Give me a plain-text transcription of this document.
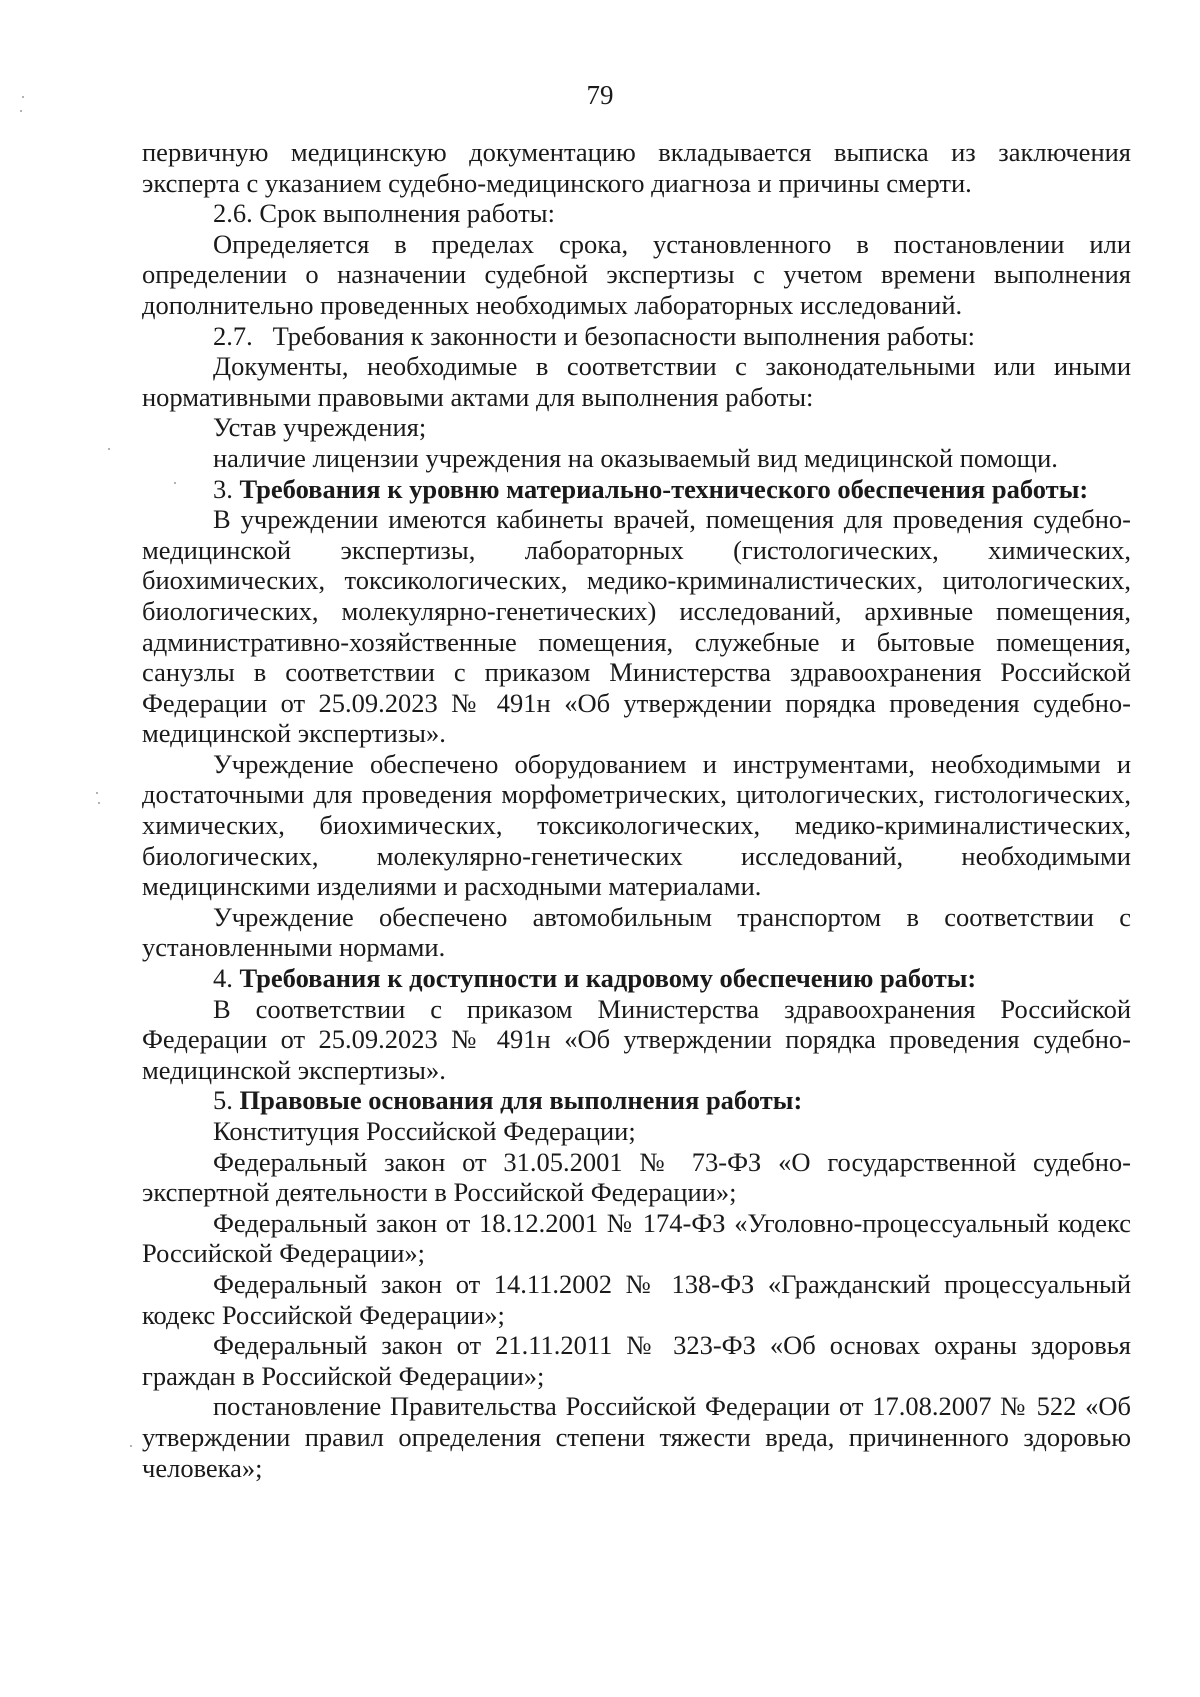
79

первичную медицинскую документацию вкладывается выписка из заключения эксперта с указанием судебно-медицинского диагноза и причины смерти.

2.6. Срок выполнения работы:

Определяется в пределах срока, установленного в постановлении или определении о назначении судебной экспертизы с учетом времени выполнения дополнительно проведенных необходимых лабораторных исследований.

2.7.   Требования к законности и безопасности выполнения работы:

Документы, необходимые в соответствии с законодательными или иными нормативными правовыми актами для выполнения работы:

Устав учреждения;

наличие лицензии учреждения на оказываемый вид медицинской помощи.

3. Требования к уровню материально-технического обеспечения работы:

В учреждении имеются кабинеты врачей, помещения для проведения судебно-медицинской экспертизы, лабораторных (гистологических, химических, биохимических, токсикологических, медико-криминалистических, цитологических, биологических, молекулярно-генетических) исследований, архивные помещения, административно-хозяйственные помещения, служебные и бытовые помещения, санузлы в соответствии с приказом Министерства здравоохранения Российской Федерации от 25.09.2023 № 491н «Об утверждении порядка проведения судебно-медицинской экспертизы».

Учреждение обеспечено оборудованием и инструментами, необходимыми и достаточными для проведения морфометрических, цитологических, гистологических, химических, биохимических, токсикологических, медико-криминалистических, биологических, молекулярно-генетических исследований, необходимыми медицинскими изделиями и расходными материалами.

Учреждение обеспечено автомобильным транспортом в соответствии с установленными нормами.

4. Требования к доступности и кадровому обеспечению работы:

В соответствии с приказом Министерства здравоохранения Российской Федерации от 25.09.2023 № 491н «Об утверждении порядка проведения судебно-медицинской экспертизы».

5. Правовые основания для выполнения работы:

Конституция Российской Федерации;

Федеральный закон от 31.05.2001 № 73-ФЗ «О государственной судебно-экспертной деятельности в Российской Федерации»;

Федеральный закон от 18.12.2001 № 174-ФЗ «Уголовно-процессуальный кодекс Российской Федерации»;

Федеральный закон от 14.11.2002 № 138-ФЗ «Гражданский процессуальный кодекс Российской Федерации»;

Федеральный закон от 21.11.2011 № 323-ФЗ «Об основах охраны здоровья граждан в Российской Федерации»;

постановление Правительства Российской Федерации от 17.08.2007 № 522 «Об утверждении правил определения степени тяжести вреда, причиненного здоровью человека»;
